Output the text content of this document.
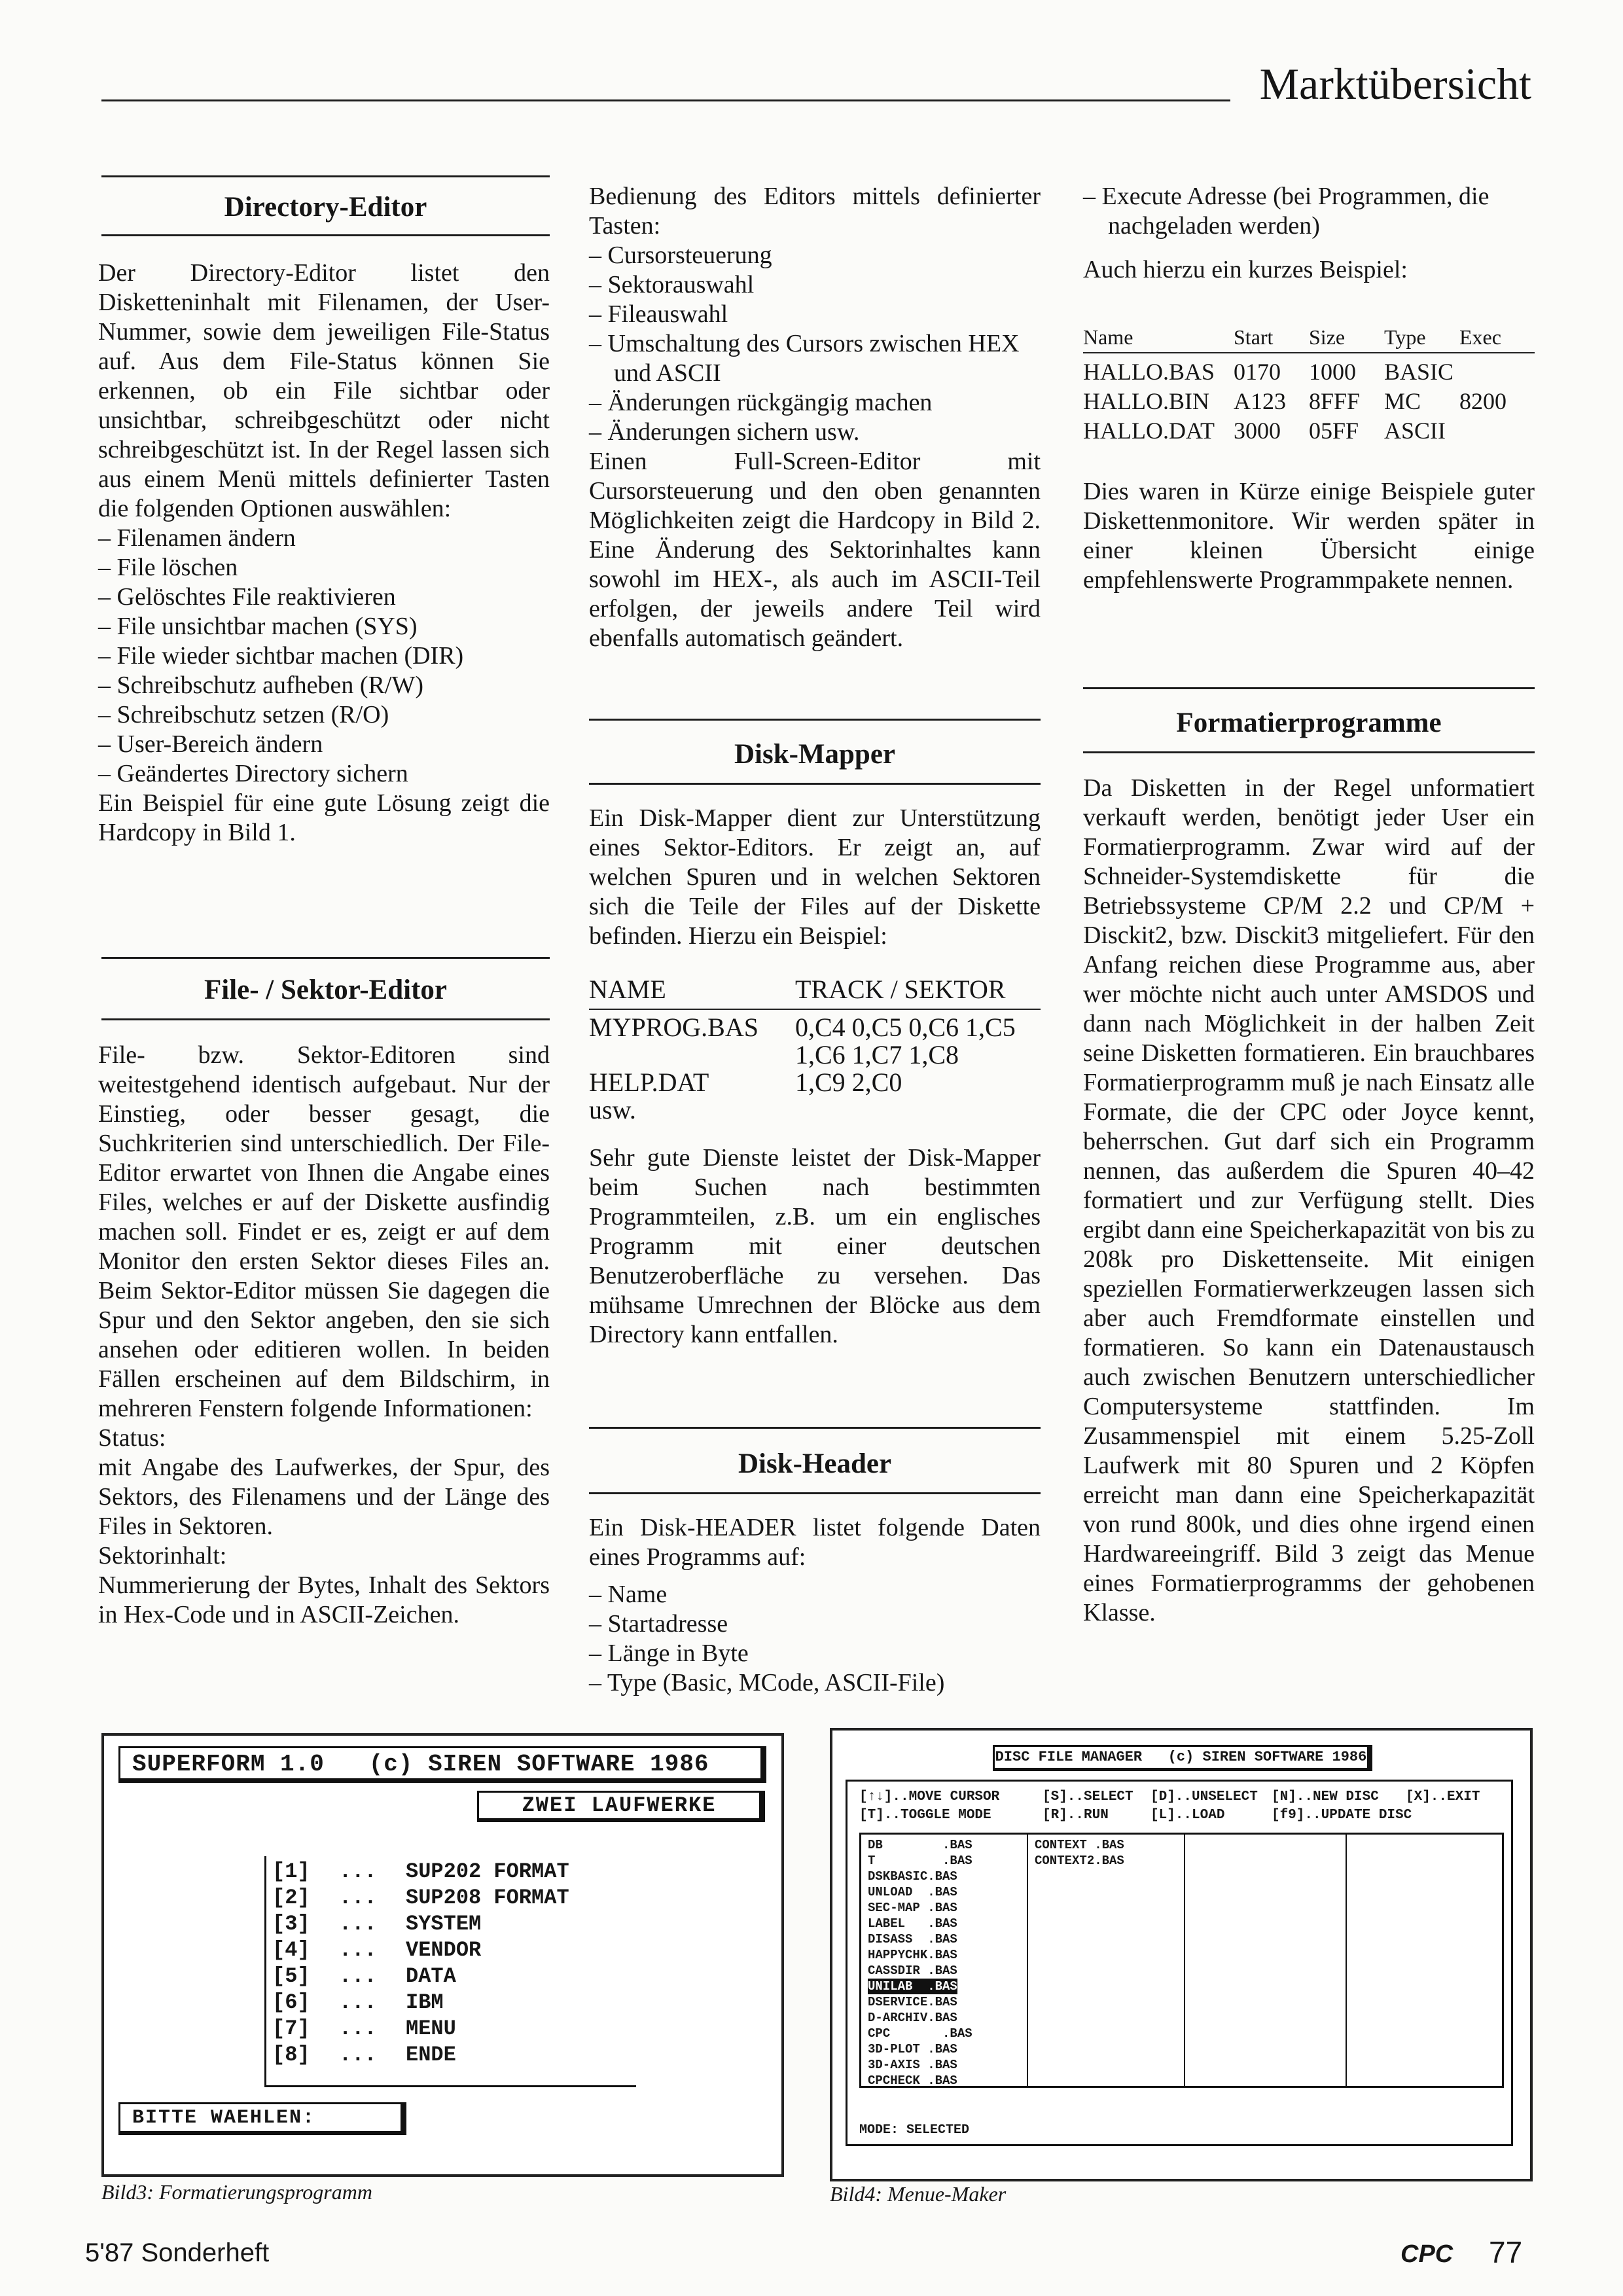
Marktübersicht
Directory-Editor

Der Directory-Editor listet den Disketteninhalt mit Filenamen, der User-Nummer, sowie dem jeweiligen File-Status auf. Aus dem File-Status können Sie erkennen, ob ein File sichtbar oder unsichtbar, schreibgeschützt oder nicht schreibgeschützt ist. In der Regel lassen sich aus einem Menü mittels definierter Tasten die folgenden Optionen auswählen:

– Filenamen ändern
– File löschen
– Gelöschtes File reaktivieren
– File unsichtbar machen (SYS)
– File wieder sichtbar machen (DIR)
– Schreibschutz aufheben (R/W)
– Schreibschutz setzen (R/O)
– User-Bereich ändern
– Geändertes Directory sichern

Ein Beispiel für eine gute Lösung zeigt die Hardcopy in Bild 1.

File- / Sektor-Editor

File- bzw. Sektor-Editoren sind weitestgehend identisch aufgebaut. Nur der Einstieg, oder besser gesagt, die Suchkriterien sind unterschiedlich. Der File-Editor erwartet von Ihnen die Angabe eines Files, welches er auf der Diskette ausfindig machen soll. Findet er es, zeigt er auf dem Monitor den ersten Sektor dieses Files an. Beim Sektor-Editor müssen Sie dagegen die Spur und den Sektor angeben, den sie sich ansehen oder editieren wollen. In beiden Fällen erscheinen auf dem Bildschirm, in mehreren Fenstern folgende Informationen:

Status:

mit Angabe des Laufwerkes, der Spur, des Sektors, des Filenamens und der Länge des Files in Sektoren.

Sektorinhalt:

Nummerierung der Bytes, Inhalt des Sektors in Hex-Code und in ASCII-Zeichen.

Bedienung des Editors mittels definierter Tasten:

– Cursorsteuerung
– Sektorauswahl
– Fileauswahl
– Umschaltung des Cursors zwischen HEX und ASCII
– Änderungen rückgängig machen
– Änderungen sichern usw.

Einen Full-Screen-Editor mit Cursorsteuerung und den oben genannten Möglichkeiten zeigt die Hardcopy in Bild 2. Eine Änderung des Sektorinhaltes kann sowohl im HEX-, als auch im ASCII-Teil erfolgen, der jeweils andere Teil wird ebenfalls automatisch geändert.

Disk-Mapper

Ein Disk-Mapper dient zur Unterstützung eines Sektor-Editors. Er zeigt an, auf welchen Spuren und in welchen Sektoren sich die Teile der Files auf der Diskette befinden. Hierzu ein Beispiel:

NAME	TRACK / SEKTOR
MYPROG.BAS	0,C4 0,C5 0,C6 1,C5
	1,C6 1,C7 1,C8
HELP.DAT	1,C9 2,C0
usw.	

Sehr gute Dienste leistet der Disk-Mapper beim Suchen nach bestimmten Programmteilen, z.B. um ein englisches Programm mit einer deutschen Benutzeroberfläche zu versehen. Das mühsame Umrechnen der Blöcke aus dem Directory kann entfallen.

Disk-Header

Ein Disk-HEADER listet folgende Daten eines Programms auf:

– Name
– Startadresse
– Länge in Byte
– Type (Basic, MCode, ASCII-File)
– Execute Adresse (bei Programmen, die nachgeladen werden)

Auch hierzu ein kurzes Beispiel:

Name	Start	Size	Type	Exec
HALLO.BAS	0170	1000	BASIC	
HALLO.BIN	A123	8FFF	MC	8200
HALLO.DAT	3000	05FF	ASCII	

Dies waren in Kürze einige Beispiele guter Diskettenmonitore. Wir werden später in einer kleinen Übersicht einige empfehlenswerte Programmpakete nennen.

Formatierprogramme

Da Disketten in der Regel unformatiert verkauft werden, benötigt jeder User ein Formatierprogramm. Zwar wird auf der Schneider-Systemdiskette für die Betriebssysteme CP/M 2.2 und CP/M + Disckit2, bzw. Disckit3 mitgeliefert. Für den Anfang reichen diese Programme aus, aber wer möchte nicht auch unter AMSDOS und dann nach Möglichkeit in der halben Zeit seine Disketten formatieren. Ein brauchbares Formatierprogramm muß je nach Einsatz alle Formate, die der CPC oder Joyce kennt, beherrschen. Gut darf sich ein Programm nennen, das außerdem die Spuren 40–42 formatiert und zur Verfügung stellt. Dies ergibt dann eine Speicherkapazität von bis zu 208k pro Diskettenseite. Mit einigen speziellen Formatierwerkzeugen lassen sich aber auch Fremdformate einstellen und formatieren. So kann ein Datenaustausch auch zwischen Benutzern unterschiedlicher Computersysteme stattfinden. Im Zusammenspiel mit einem 5.25-Zoll Laufwerk mit 80 Spuren und 2 Köpfen erreicht man dann eine Speicherkapazität von rund 800k, und dies ohne irgend einen Hardwareeingriff. Bild 3 zeigt das Menue eines Formatierprogramms der gehobenen Klasse.

SUPERFORM 1.0   (c) SIREN SOFTWARE 1986
ZWEI LAUFWERKE
[1]	...	SUP202 FORMAT
[2]	...	SUP208 FORMAT
[3]	...	SYSTEM
[4]	...	VENDOR
[5]	...	DATA
[6]	...	IBM
[7]	...	MENU
[8]	...	ENDE
BITTE WAEHLEN:
Bild3: Formatierungsprogramm
DISC FILE MANAGER   (c) SIREN SOFTWARE 1986
[↑↓]..MOVE CURSOR	[S]..SELECT	[D]..UNSELECT	[N]..NEW DISC	[X]..EXIT
[T]..TOGGLE MODE	[R]..RUN	[L]..LOAD	[f9]..UPDATE DISC
DB        .BAS
T         .BAS
DSKBASIC.BAS
UNLOAD  .BAS
SEC-MAP .BAS
LABEL   .BAS
DISASS  .BAS
HAPPYCHK.BAS
CASSDIR .BAS
UNILAB  .BAS

DSERVICE.BAS
D-ARCHIV.BAS
CPC       .BAS
3D-PLOT .BAS
3D-AXIS .BAS
CPCHECK .BAS
CONTEXT .BAS
CONTEXT2.BAS
MODE: SELECTED
Bild4: Menue-Maker
5'87 Sonderheft	CPC 77
